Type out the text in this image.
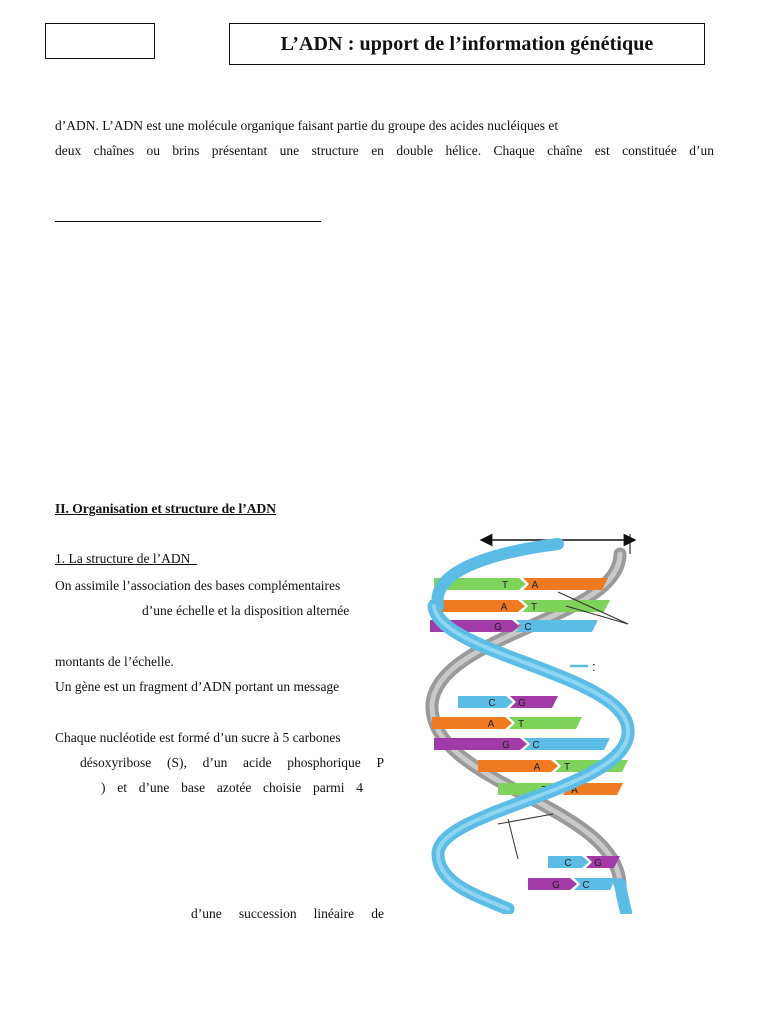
L’ADN : upport de l’information génétique
d’ADN. L’ADN est une molécule organique faisant partie du groupe des acides nucléiques et
deux chaînes ou brins présentant une structure en double hélice. Chaque chaîne est constituée d’un
II. Organisation et structure de l’ADN
1. La structure de l’ADN
On assimile l’association des bases complémentaires
d’une échelle et la disposition alternée
montants de l’échelle.
Un gène est un fragment d’ADN portant un message
Chaque nucléotide est formé d’un sucre à 5 carbones
désoxyribose (S), d’un acide phosphorique P
) et d’une base azotée choisie parmi 4
d’une succession linéaire de
T A
A T
G C
C G
A T
G C
A T
T A
C G
G C
:
